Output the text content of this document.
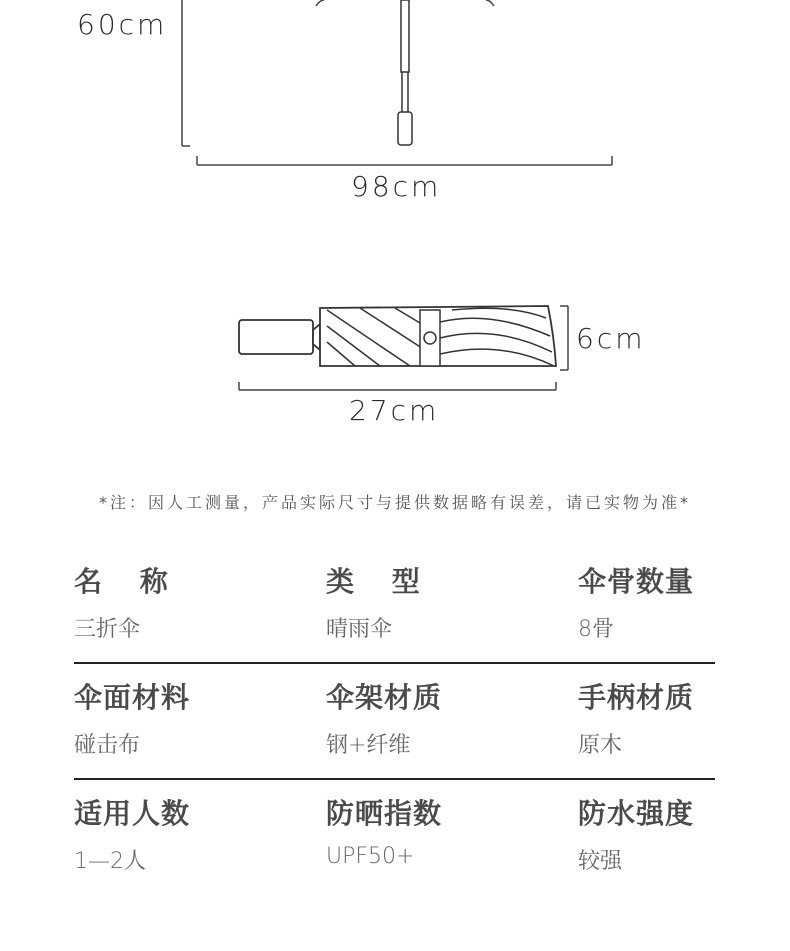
60cm
98cm
6cm
27cm
*注：因人工测量，产品实际尺寸与提供数据略有误差，请已实物为准*
名 称
三折伞
类 型
晴雨伞
伞骨数量
8骨
伞面材料
碰击布
伞架材质
钢+纤维
手柄材质
原木
适用人数
1—2人
防晒指数
UPF50+
防水强度
较强
